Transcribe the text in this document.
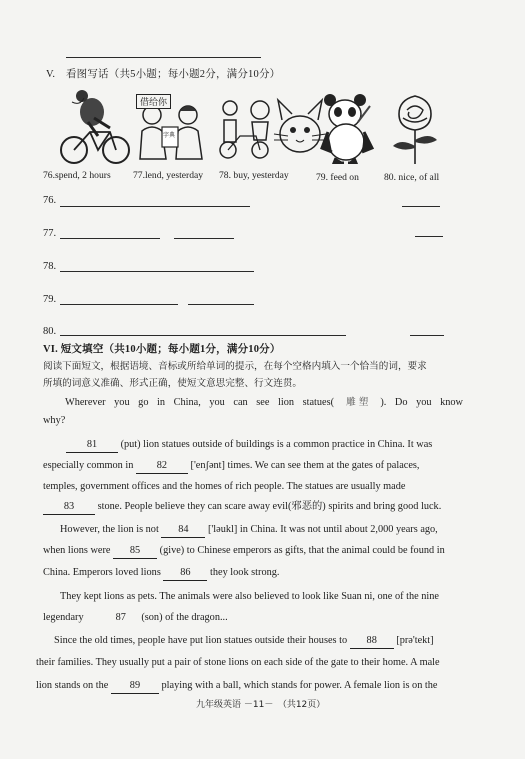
V.　看图写话（共5小题；每小题2分，满分10分）
借给你
字典
76.spend, 2 hours 77.lend, yesterday 78. buy, yesterday	79. feed on	80. nice, of all
76.
77.
78.
79.
80.
VI. 短文填空（共10小题；每小题1分，满分10分）
阅读下面短文，根据语境、音标或所给单词的提示，在每个空格内填入一个恰当的词，要求
所填的词意义准确、形式正确，使短文意思完整、行文连贯。
Wherever you go in China, you can see lion statues( 雕 塑 ). Do you know
why?
81 (put) lion statues outside of buildings is a common practice in China. It was
especially common in 82 ['enʃənt] times. We can see them at the gates of palaces,
temples, government offices and the homes of rich people. The statues are usually made
83 stone. People believe they can scare away evil(邪恶的) spirits and bring good luck.
However, the lion is not 84 ['ləukl] in China. It was not until about 2,000 years ago,
when lions were 85 (give) to Chinese emperors as gifts, that the animal could be found in
China. Emperors loved lions 86 they look strong.
They kept lions as pets. The animals were also believed to look like Suan ni, one of the nine
legendary	87 (son) of the dragon...
Since the old times, people have put lion statues outside their houses to 88 [prə'tekt]
their families. They usually put a pair of stone lions on each side of the gate to their home. A male
lion stands on the 89 playing with a ball, which stands for power. A female lion is on the
九年级英语 －11－　（共12页）
